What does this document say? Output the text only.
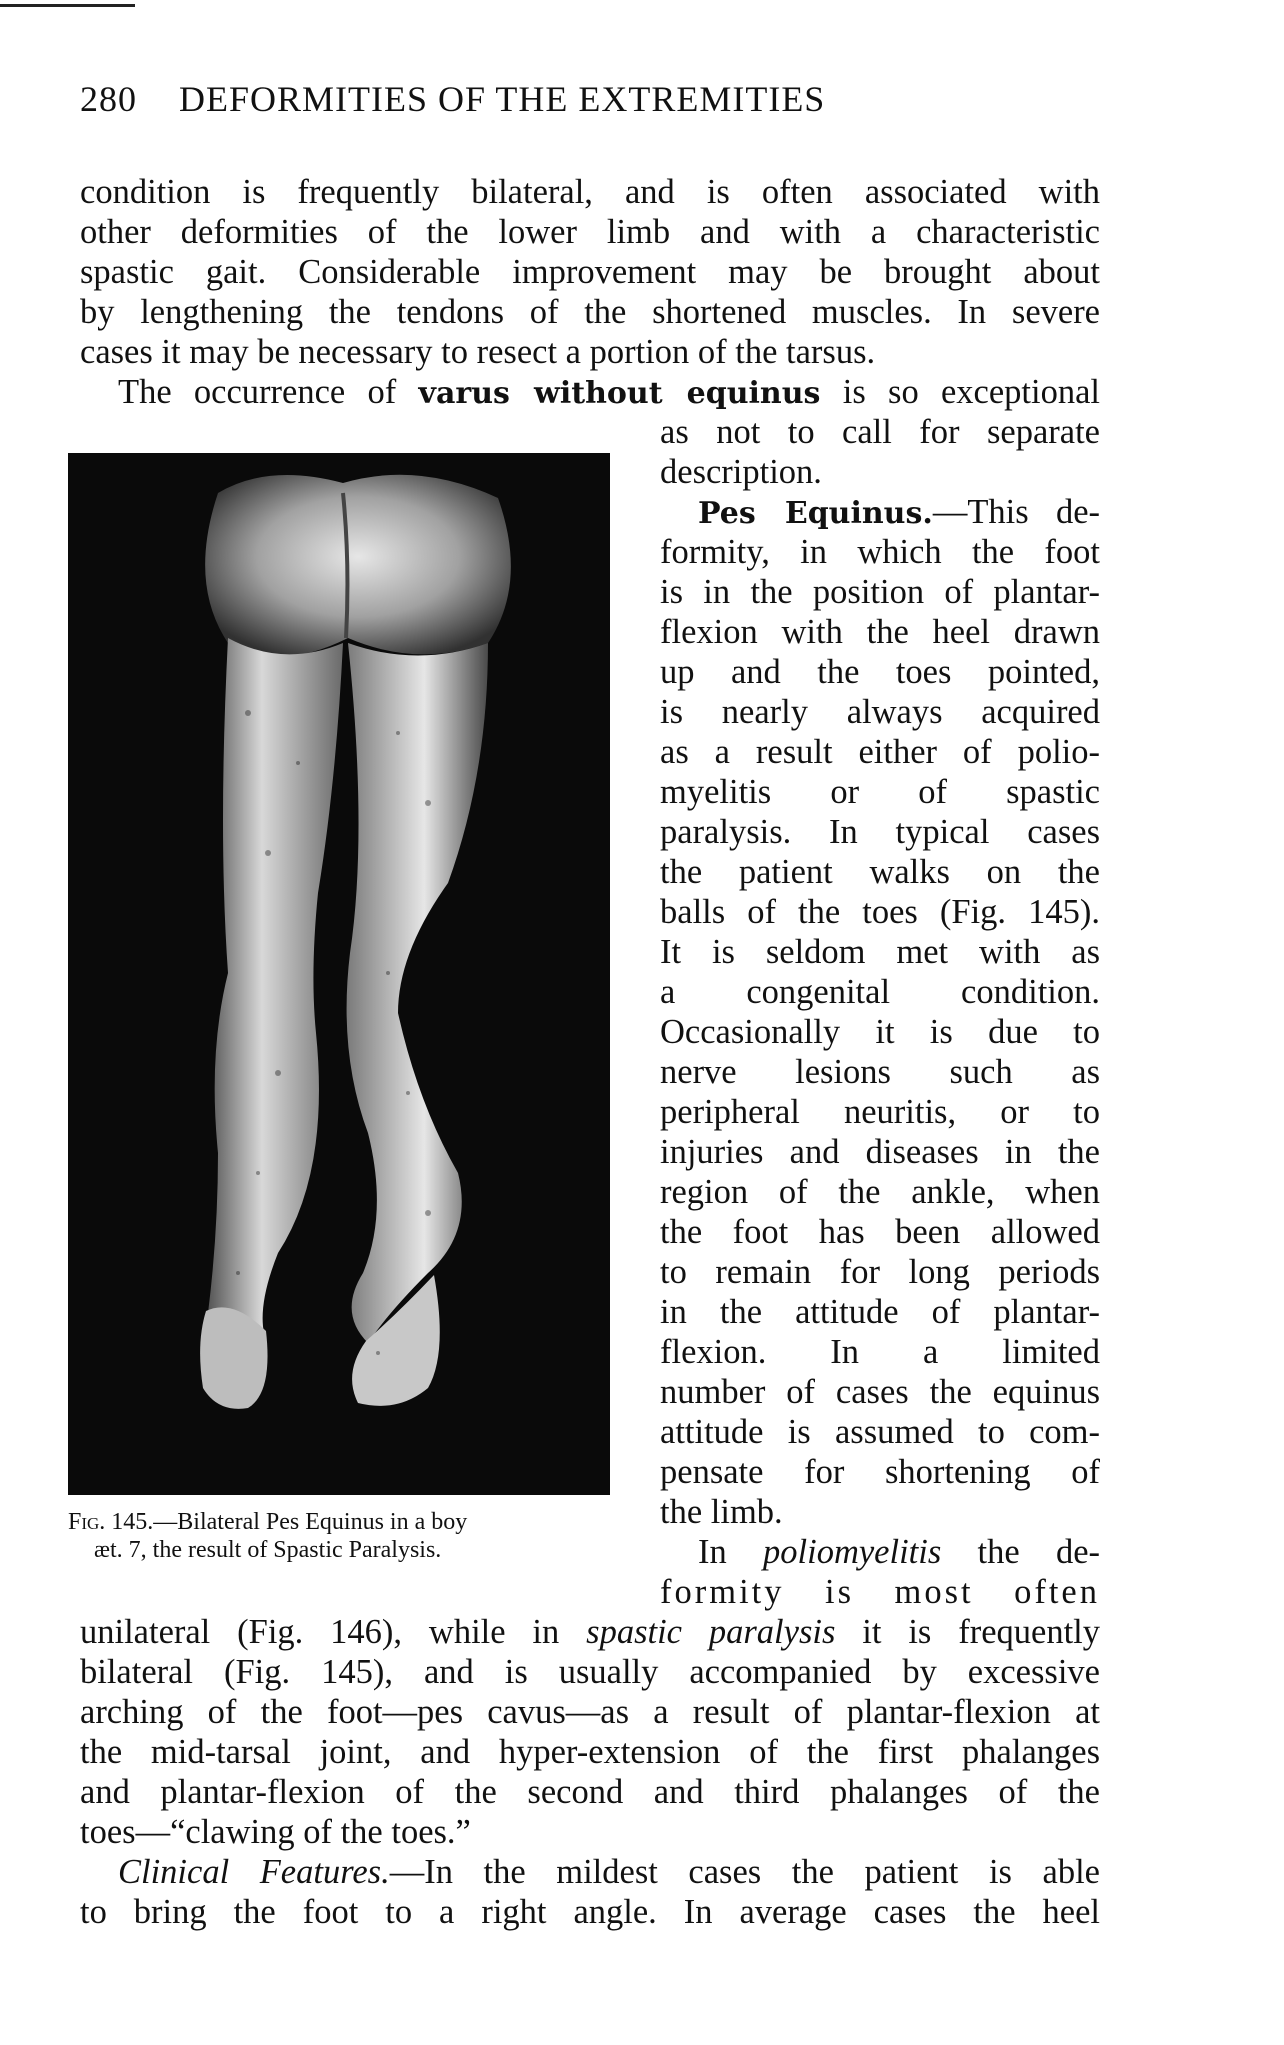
280 DEFORMITIES OF THE EXTREMITIES
condition is frequently bilateral, and is often associated with
other deformities of the lower limb and with a characteristic
spastic gait. Considerable improvement may be brought about
by lengthening the tendons of the shortened muscles. In severe
cases it may be necessary to resect a portion of the tarsus.
The occurrence of varus without equinus is so exceptional
as not to call for separate
description.
Pes Equinus.—This de-
formity, in which the foot
is in the position of plantar-
flexion with the heel drawn
up and the toes pointed,
is nearly always acquired
as a result either of polio-
myelitis or of spastic
paralysis. In typical cases
the patient walks on the
balls of the toes (Fig. 145).
It is seldom met with as
a congenital condition.
Occasionally it is due to
nerve lesions such as
peripheral neuritis, or to
injuries and diseases in the
region of the ankle, when
the foot has been allowed
to remain for long periods
in the attitude of plantar-
flexion. In a limited
number of cases the equinus
attitude is assumed to com-
pensate for shortening of
the limb.
Fig. 145.—Bilateral Pes Equinus in a boy
æt. 7, the result of Spastic Paralysis.	In poliomyelitis the de-
formity is most often
unilateral (Fig. 146), while in spastic paralysis it is frequently
bilateral (Fig. 145), and is usually accompanied by excessive
arching of the foot—pes cavus—as a result of plantar-flexion at
the mid-tarsal joint, and hyper-extension of the first phalanges
and plantar-flexion of the second and third phalanges of the
toes—“clawing of the toes.”
Clinical Features.—In the mildest cases the patient is able
to bring the foot to a right angle. In average cases the heel
